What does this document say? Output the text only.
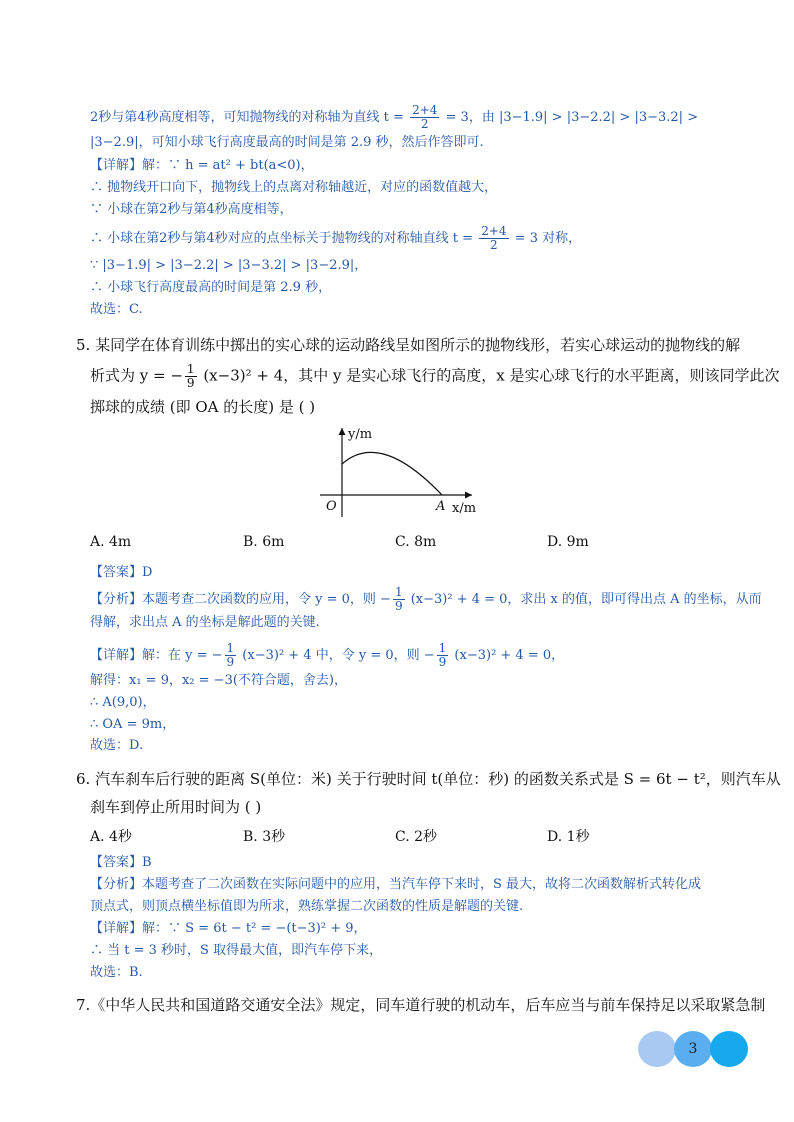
2秒与第4秒高度相等，可知抛物线的对称轴为直线 $t = \frac{2+4}{2} = 3$，由 |3−1.9| > |3−2.2| > |3−3.2| >
|3−2.9|，可知小球飞行高度最高的时间是第 2.9 秒，然后作答即可.
【详解】解：∵ h = at² + bt(a<0)，
∴ 抛物线开口向下，抛物线上的点离对称轴越近，对应的函数值越大，
∵ 小球在第2秒与第4秒高度相等，
∴ 小球在第2秒与第4秒对应的点坐标关于抛物线的对称轴直线 $t = \frac{2+4}{2} = 3$ 对称，
∵ |3−1.9| > |3−2.2| > |3−3.2| > |3−2.9|，
∴ 小球飞行高度最高的时间是第 2.9 秒，
故选：C.
5. 某同学在体育训练中掷出的实心球的运动路线呈如图所示的抛物线形，若实心球运动的抛物线的解
析式为 y = − $\frac{1}{9} (x-3)^2 + 4$，其中 y 是实心球飞行的高度，x 是实心球飞行的水平距离，则该同学此次
掷球的成绩 (即 OA 的长度) 是 ( )
y/m
x/m
O	A
A. 4m	B. 6m	C. 8m	D. 9m
【答案】D
【分析】本题考查二次函数的应用，令 y = 0，则 − $\frac{1}{9} (x-3)^2 + 4 = 0$，求出 x 的值，即可得出点 A 的坐标，从而
得解，求出点 A 的坐标是解此题的关键.
【详解】解：在 y = − $\frac{1}{9} (x-3)^2 + 4$ 中，令 y = 0，则 − $\frac{1}{9} (x-3)^2 + 4 = 0$，
解得：x₁ = 9，x₂ = −3(不符合题，舍去)，
∴ A(9,0)，
∴ OA = 9m，
故选：D.
6. 汽车刹车后行驶的距离 S(单位：米) 关于行驶时间 t(单位：秒) 的函数关系式是 S = 6t − t²，则汽车从
刹车到停止所用时间为 ( )
A. 4秒	B. 3秒	C. 2秒	D. 1秒
【答案】B
【分析】本题考查了二次函数在实际问题中的应用，当汽车停下来时，S 最大，故将二次函数解析式转化成
顶点式，则顶点横坐标值即为所求，熟练掌握二次函数的性质是解题的关键.
【详解】解：∵ S = 6t − t² = −(t−3)² + 9，
∴ 当 t = 3 秒时，S 取得最大值，即汽车停下来，
故选：B.
7.《中华人民共和国道路交通安全法》规定，同车道行驶的机动车，后车应当与前车保持足以采取紧急制
3
